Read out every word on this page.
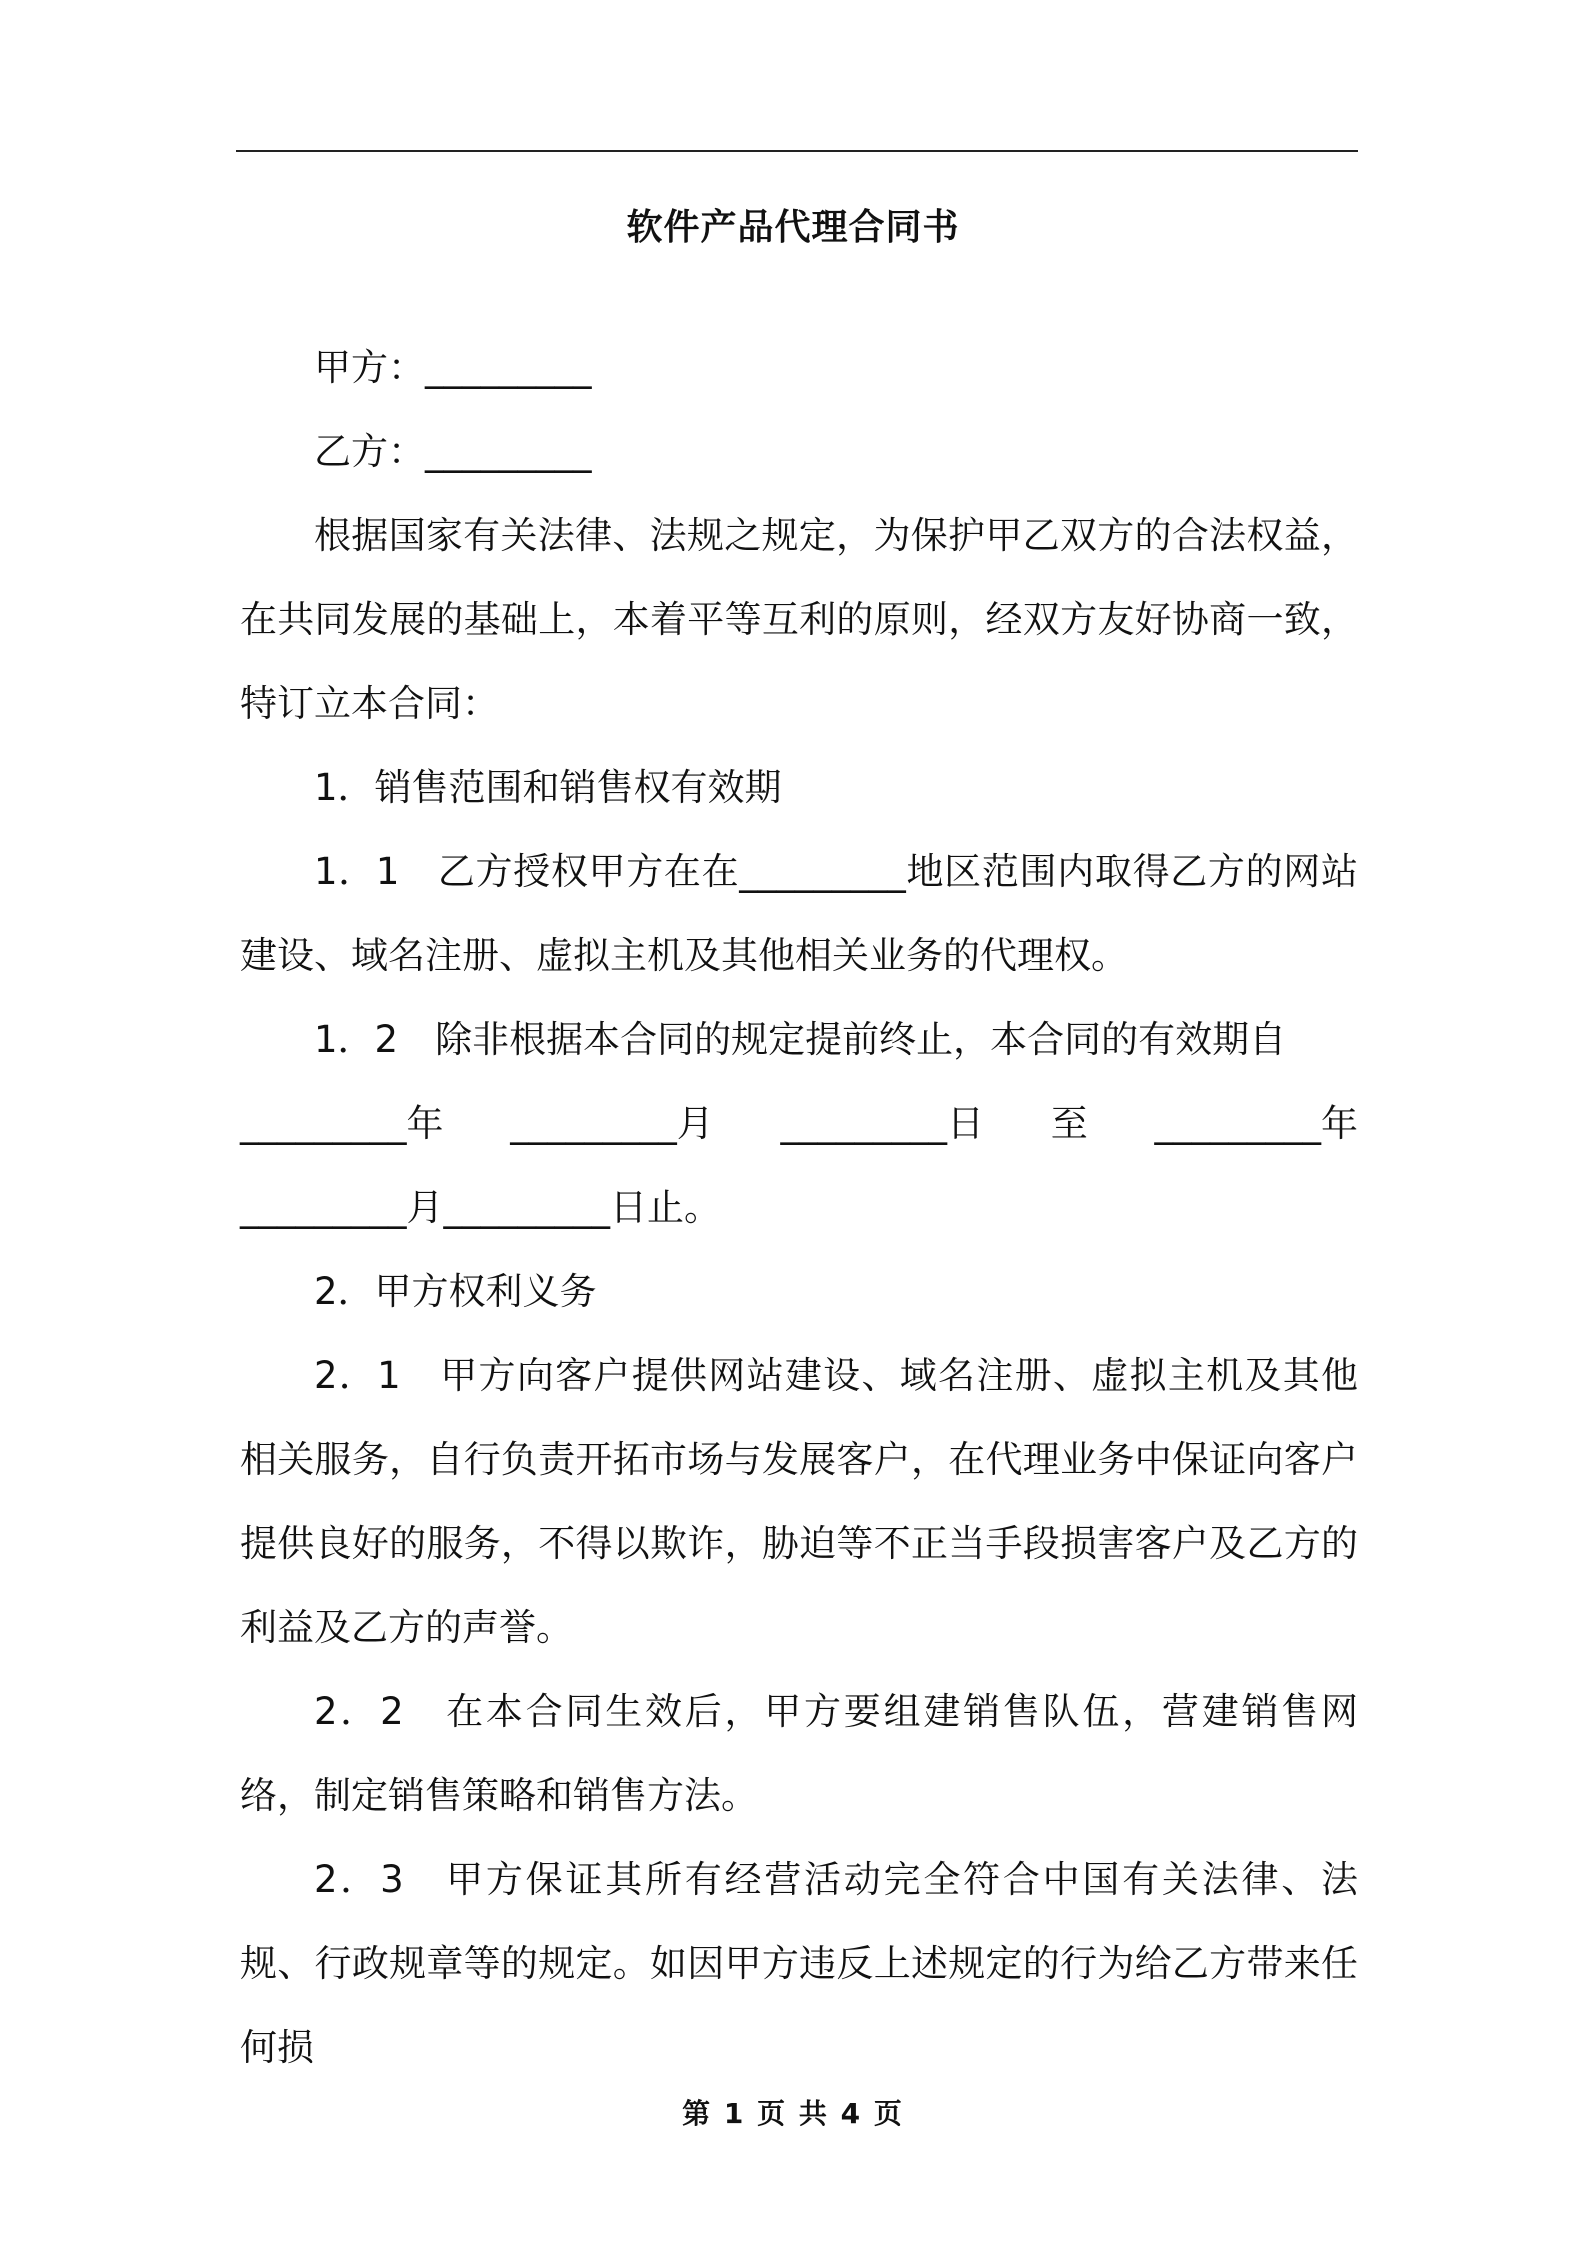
软件产品代理合同书

甲方：_________

乙方：_________

根据国家有关法律、法规之规定，为保护甲乙双方的合法权益，在共同发展的基础上，本着平等互利的原则，经双方友好协商一致，特订立本合同：

1．销售范围和销售权有效期

1．1　乙方授权甲方在在_________地区范围内取得乙方的网站建设、域名注册、虚拟主机及其他相关业务的代理权。

1．2　除非根据本合同的规定提前终止，本合同的有效期自

_________年 _________月 _________日 至 _________年
_________月_________日止。

2．甲方权利义务

2．1　甲方向客户提供网站建设、域名注册、虚拟主机及其他相关服务，自行负责开拓市场与发展客户，在代理业务中保证向客户提供良好的服务，不得以欺诈，胁迫等不正当手段损害客户及乙方的利益及乙方的声誉。

2．2　在本合同生效后，甲方要组建销售队伍，营建销售网络，制定销售策略和销售方法。

2．3　甲方保证其所有经营活动完全符合中国有关法律、法规、行政规章等的规定。如因甲方违反上述规定的行为给乙方带来任何损

第 1 页 共 4 页
